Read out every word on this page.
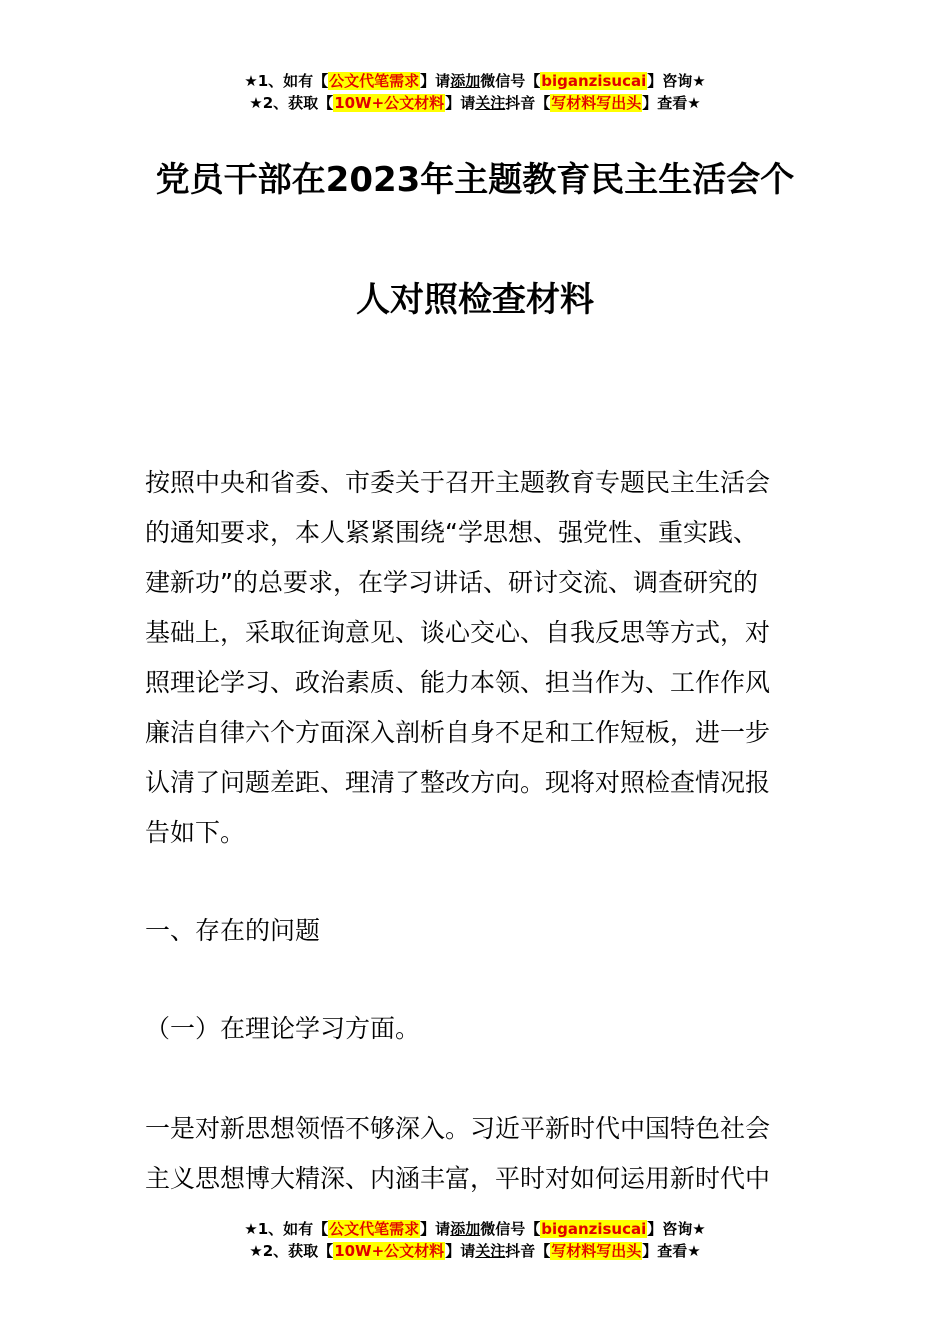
★1、如有【公文代笔需求】请添加微信号【biganzisucai】咨询★
★2、获取【10W+公文材料】请关注抖音【写材料写出头】查看★
党员干部在2023年主题教育民主生活会个
人对照检查材料
按照中央和省委、市委关于召开主题教育专题民主生活会
的通知要求，本人紧紧围绕“学思想、强党性、重实践、
建新功”的总要求，在学习讲话、研讨交流、调查研究的
基础上，采取征询意见、谈心交心、自我反思等方式，对
照理论学习、政治素质、能力本领、担当作为、工作作风
廉洁自律六个方面深入剖析自身不足和工作短板，进一步
认清了问题差距、理清了整改方向。现将对照检查情况报
告如下。
一、存在的问题
（一）在理论学习方面。
一是对新思想领悟不够深入。习近平新时代中国特色社会
主义思想博大精深、内涵丰富，平时对如何运用新时代中
★1、如有【公文代笔需求】请添加微信号【biganzisucai】咨询★
★2、获取【10W+公文材料】请关注抖音【写材料写出头】查看★
